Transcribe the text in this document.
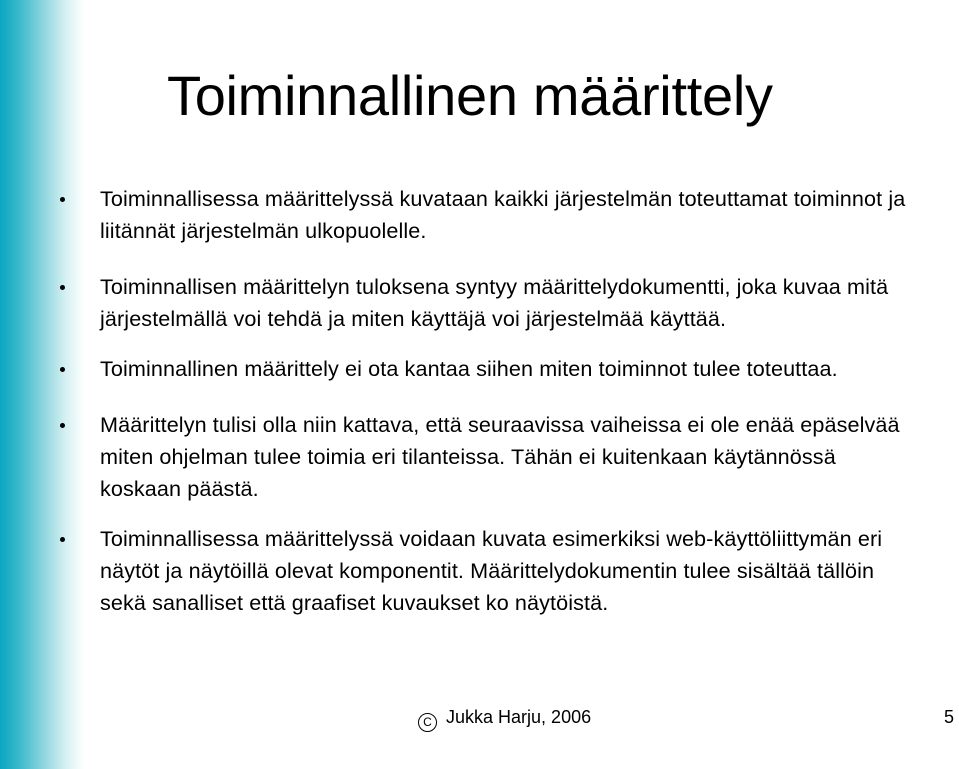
Toiminnallinen määrittely
Toiminnallisessa määrittelyssä kuvataan kaikki järjestelmän toteuttamat toiminnot ja liitännät järjestelmän ulkopuolelle.
Toiminnallisen määrittelyn tuloksena syntyy määrittelydokumentti, joka kuvaa mitä järjestelmällä voi tehdä ja miten käyttäjä voi järjestelmää käyttää.
Toiminnallinen määrittely ei ota kantaa siihen miten toiminnot tulee toteuttaa.
Määrittelyn tulisi olla niin kattava, että seuraavissa vaiheissa ei ole enää epäselvää miten ohjelman tulee toimia eri tilanteissa. Tähän ei kuitenkaan käytännössä koskaan päästä.
Toiminnallisessa määrittelyssä voidaan kuvata esimerkiksi web-käyttöliittymän eri näytöt ja näytöillä olevat komponentit. Määrittelydokumentin tulee sisältää tällöin sekä sanalliset että graafiset kuvaukset ko näytöistä.
C Jukka Harju, 2006	5
